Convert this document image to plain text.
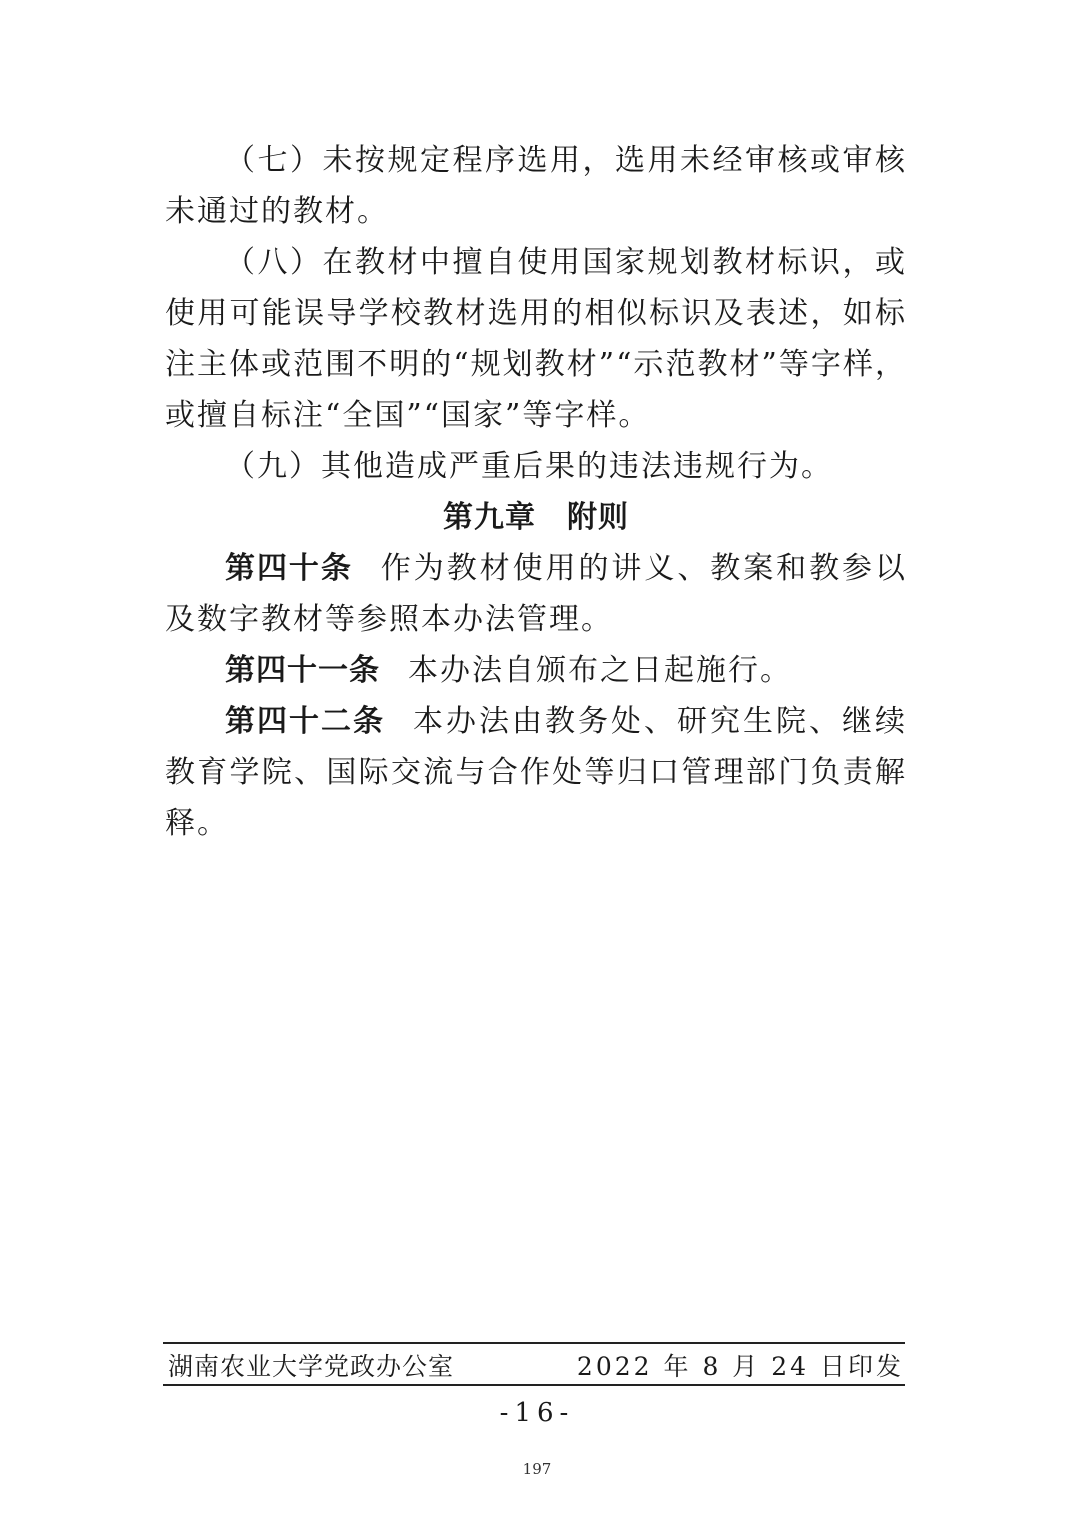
（七）未按规定程序选用，选用未经审核或审核未通过的教材。

（八）在教材中擅自使用国家规划教材标识，或使用可能误导学校教材选用的相似标识及表述，如标注主体或范围不明的“规划教材”“示范教材”等字样，或擅自标注“全国”“国家”等字样。

（九）其他造成严重后果的违法违规行为。

第九章　附则

第四十条 作为教材使用的讲义、教案和教参以及数字教材等参照本办法管理。

第四十一条 本办法自颁布之日起施行。

第四十二条 本办法由教务处、研究生院、继续教育学院、国际交流与合作处等归口管理部门负责解释。

湖南农业大学党政办公室	2022 年 8 月 24 日印发
-16-
197
